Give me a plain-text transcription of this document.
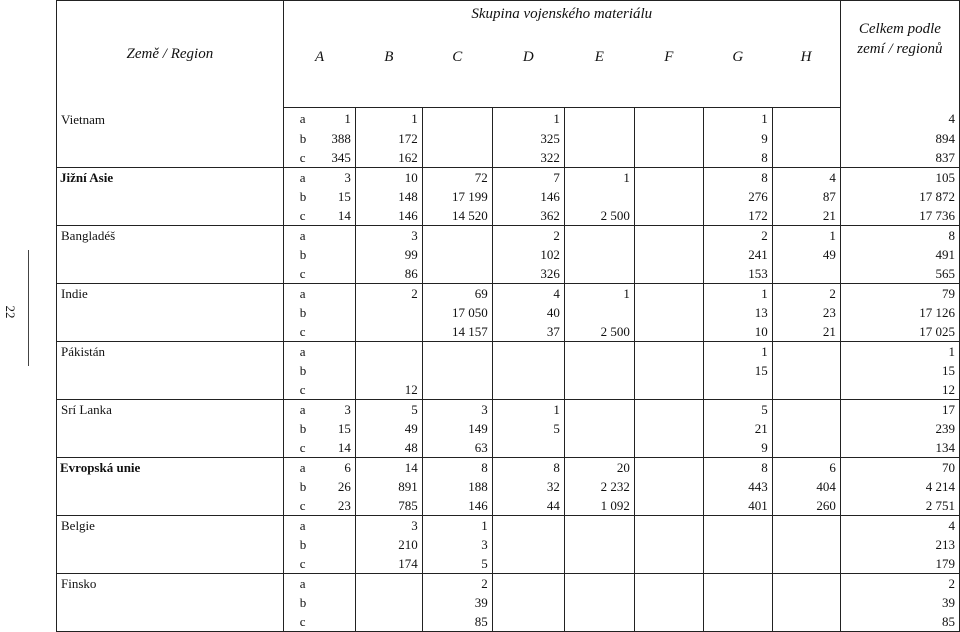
22
Země / Region	Skupina vojenského materiálu									Celkem podle zemí / regionů
	A		B	C	D	E	F	G	H	
Vietnam	a	1	1		1			1		4
	b	388	172		325			9		894
	c	345	162		322			8		837
Jižní Asie	a	3	10	72	7	1		8	4	105
	b	15	148	17 199	146			276	87	17 872
	c	14	146	14 520	362	2 500		172	21	17 736
Bangladéš	a		3		2			2	1	8
	b		99		102			241	49	491
	c		86		326			153		565
Indie	a		2	69	4	1		1	2	79
	b			17 050	40			13	23	17 126
	c			14 157	37	2 500		10	21	17 025
Pákistán	a							1		1
	b							15		15
	c		12							12
Srí Lanka	a	3	5	3	1			5		17
	b	15	49	149	5			21		239
	c	14	48	63				9		134
Evropská unie	a	6	14	8	8	20		8	6	70
	b	26	891	188	32	2 232		443	404	4 214
	c	23	785	146	44	1 092		401	260	2 751
Belgie	a		3	1						4
	b		210	3						213
	c		174	5						179
Finsko	a			2						2
	b			39						39
	c			85						85
